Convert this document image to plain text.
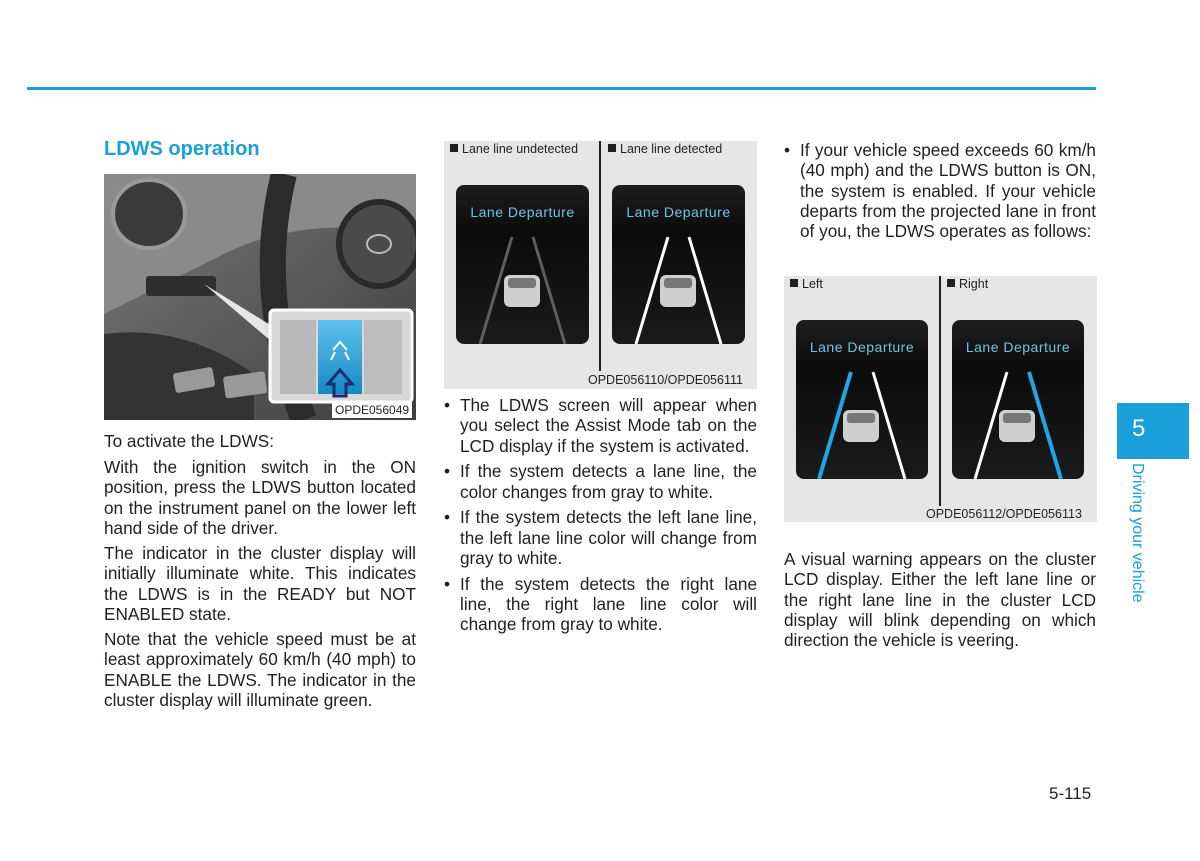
LDWS operation
OPDE056049

To activate the LDWS:

With the ignition switch in the ON position, press the LDWS button located on the instrument panel on the lower left hand side of the driver.

The indicator in the cluster display will initially illuminate white. This indicates the LDWS is in the READY but NOT ENABLED state.

Note that the vehicle speed must be at least approximately 60 km/h (40 mph) to ENABLE the LDWS. The indicator in the cluster display will illuminate green.

Lane line undetected	Lane line detected
Lane Departure	Lane Departure
OPDE056110/OPDE056111
• The LDWS screen will appear when you select the Assist Mode tab on the LCD display if the system is activated.
• If the system detects a lane line, the color changes from gray to white.
• If the system detects the left lane line, the left lane line color will change from gray to white.
• If the system detects the right lane line, the right lane line color will change from gray to white.
• If your vehicle speed exceeds 60 km/h (40 mph) and the LDWS button is ON, the system is enabled. If your vehicle departs from the projected lane in front of you, the LDWS operates as follows:
Left	Right
Lane Departure	Lane Departure
OPDE056112/OPDE056113

A visual warning appears on the cluster LCD display. Either the left lane line or the right lane line in the cluster LCD display will blink depending on which direction the vehicle is veering.

5
Driving your vehicle
5-115
